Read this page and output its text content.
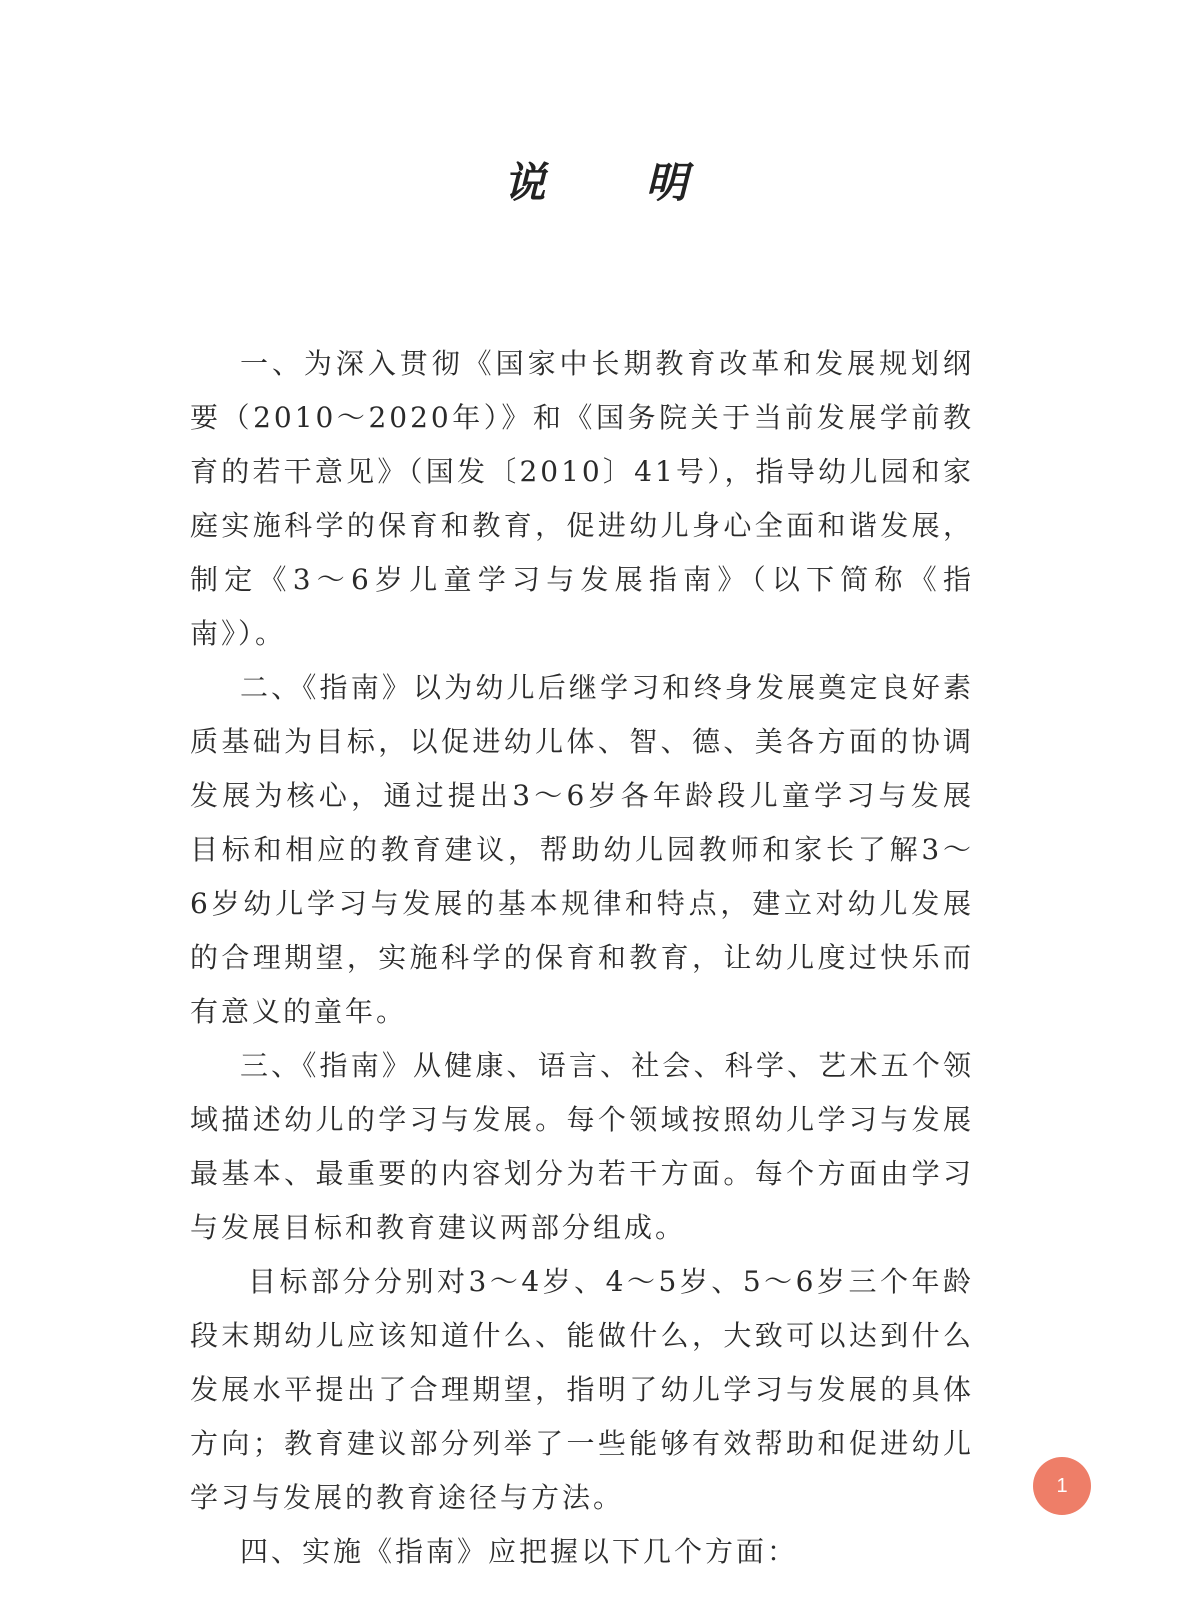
说明

一、为深入贯彻《国家中长期教育改革和发展规划纲要（2010～2020年）》和《国务院关于当前发展学前教育的若干意见》（国发〔2010〕41号），指导幼儿园和家庭实施科学的保育和教育，促进幼儿身心全面和谐发展，制定《3～6岁儿童学习与发展指南》（以下简称《指南》）。

二、《指南》以为幼儿后继学习和终身发展奠定良好素质基础为目标，以促进幼儿体、智、德、美各方面的协调发展为核心，通过提出3～6岁各年龄段儿童学习与发展目标和相应的教育建议，帮助幼儿园教师和家长了解3～6岁幼儿学习与发展的基本规律和特点，建立对幼儿发展的合理期望，实施科学的保育和教育，让幼儿度过快乐而有意义的童年。

三、《指南》从健康、语言、社会、科学、艺术五个领域描述幼儿的学习与发展。每个领域按照幼儿学习与发展最基本、最重要的内容划分为若干方面。每个方面由学习与发展目标和教育建议两部分组成。

目标部分分别对3～4岁、4～5岁、5～6岁三个年龄段末期幼儿应该知道什么、能做什么，大致可以达到什么发展水平提出了合理期望，指明了幼儿学习与发展的具体方向；教育建议部分列举了一些能够有效帮助和促进幼儿学习与发展的教育途径与方法。

四、实施《指南》应把握以下几个方面：

1
